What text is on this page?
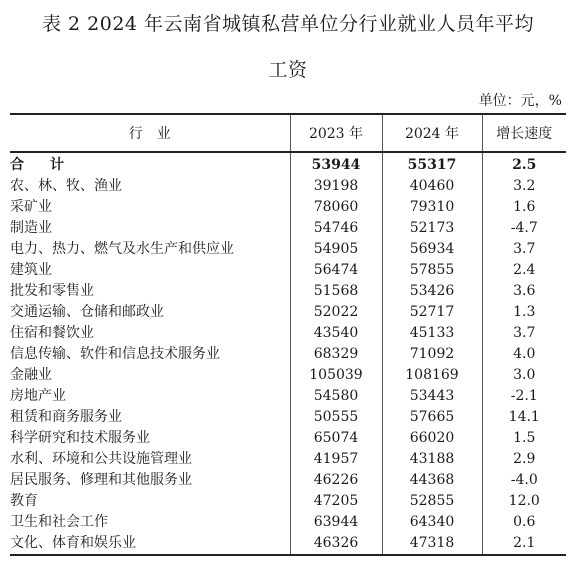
表 2 2024 年云南省城镇私营单位分行业就业人员年平均
工资
单位：元，%
行　业	2023 年	2024 年	增长速度
合　计	53944	55317	2.5
农、林、牧、渔业	39198	40460	3.2
采矿业	78060	79310	1.6
制造业	54746	52173	-4.7
电力、热力、燃气及水生产和供应业	54905	56934	3.7
建筑业	56474	57855	2.4
批发和零售业	51568	53426	3.6
交通运输、仓储和邮政业	52022	52717	1.3
住宿和餐饮业	43540	45133	3.7
信息传输、软件和信息技术服务业	68329	71092	4.0
金融业	105039	108169	3.0
房地产业	54580	53443	-2.1
租赁和商务服务业	50555	57665	14.1
科学研究和技术服务业	65074	66020	1.5
水利、环境和公共设施管理业	41957	43188	2.9
居民服务、修理和其他服务业	46226	44368	-4.0
教育	47205	52855	12.0
卫生和社会工作	63944	64340	0.6
文化、体育和娱乐业	46326	47318	2.1
